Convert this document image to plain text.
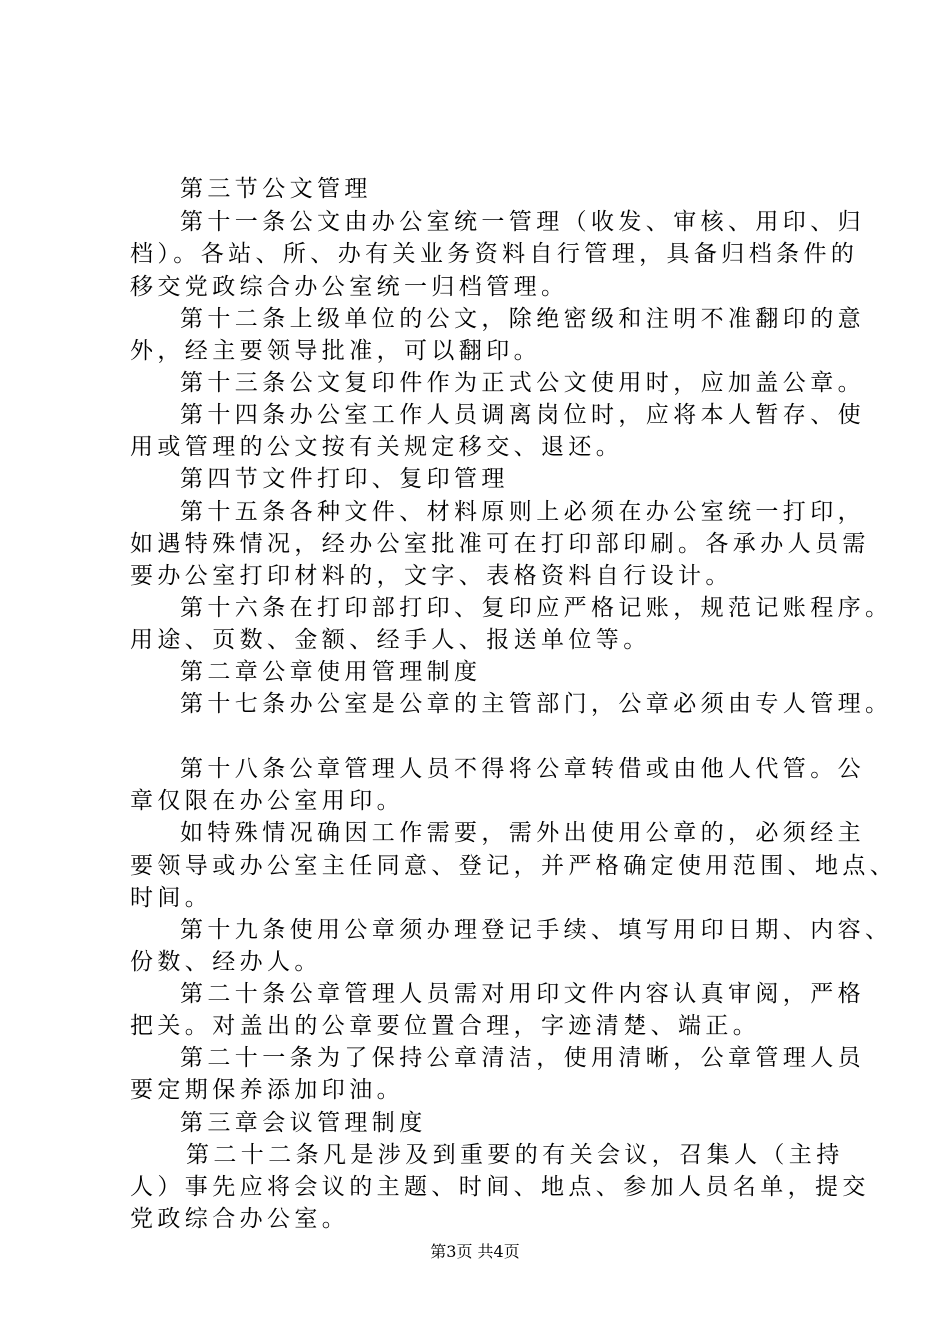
第三节公文管理
第十一条公文由办公室统一管理（收发、审核、用印、归
档）。各站、所、办有关业务资料自行管理，具备归档条件的
移交党政综合办公室统一归档管理。
第十二条上级单位的公文，除绝密级和注明不准翻印的意
外，经主要领导批准，可以翻印。
第十三条公文复印件作为正式公文使用时，应加盖公章。
第十四条办公室工作人员调离岗位时，应将本人暂存、使
用或管理的公文按有关规定移交、退还。
第四节文件打印、复印管理
第十五条各种文件、材料原则上必须在办公室统一打印，
如遇特殊情况，经办公室批准可在打印部印刷。各承办人员需
要办公室打印材料的，文字、表格资料自行设计。
第十六条在打印部打印、复印应严格记账，规范记账程序。
用途、页数、金额、经手人、报送单位等。
第二章公章使用管理制度
第十七条办公室是公章的主管部门，公章必须由专人管理。
第十八条公章管理人员不得将公章转借或由他人代管。公
章仅限在办公室用印。
如特殊情况确因工作需要，需外出使用公章的，必须经主
要领导或办公室主任同意、登记，并严格确定使用范围、地点、
时间。
第十九条使用公章须办理登记手续、填写用印日期、内容、
份数、经办人。
第二十条公章管理人员需对用印文件内容认真审阅，严格
把关。对盖出的公章要位置合理，字迹清楚、端正。
第二十一条为了保持公章清洁，使用清晰，公章管理人员
要定期保养添加印油。
第三章会议管理制度
第二十二条凡是涉及到重要的有关会议，召集人（主持
人）事先应将会议的主题、时间、地点、参加人员名单，提交
党政综合办公室。
第3页 共4页
